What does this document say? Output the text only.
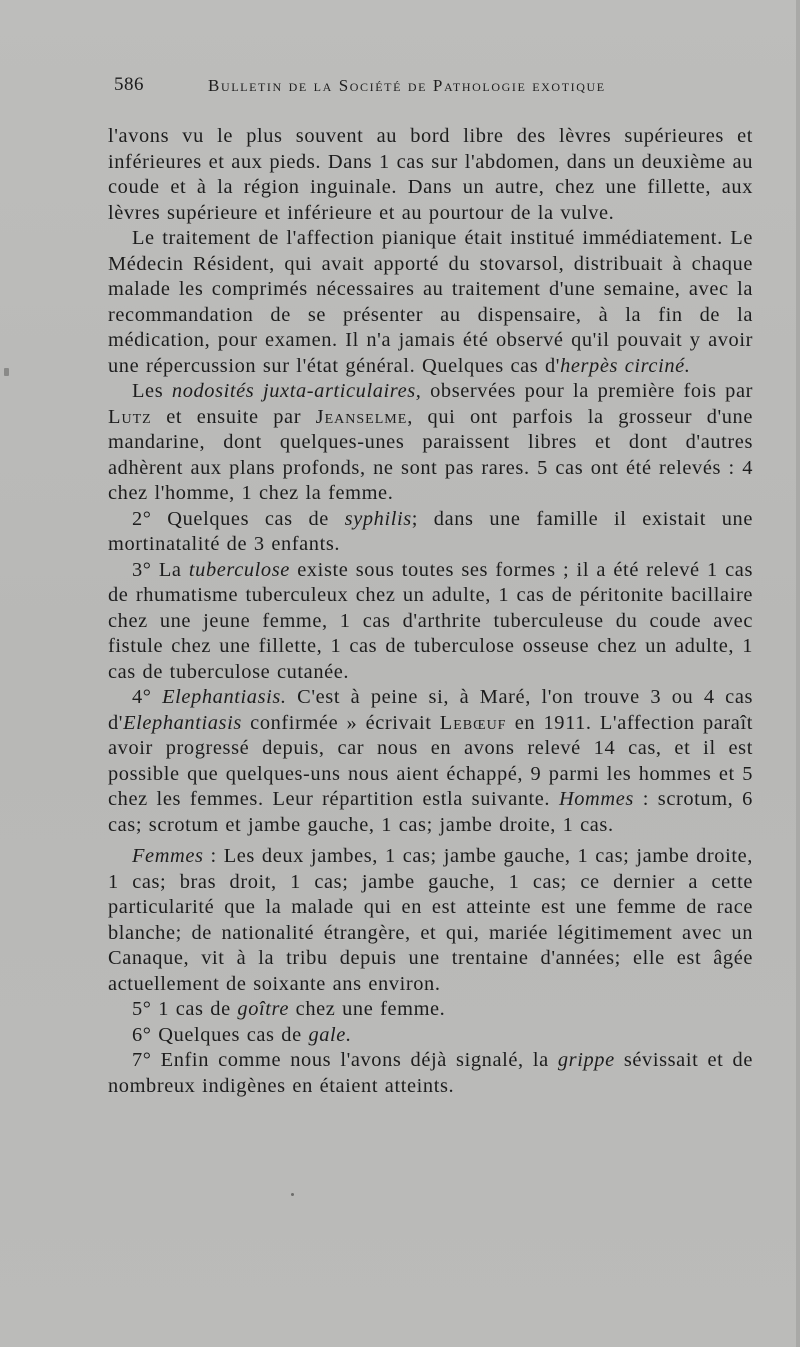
586	Bulletin de la Société de Pathologie exotique

l'avons vu le plus souvent au bord libre des lèvres supérieures et inférieures et aux pieds. Dans 1 cas sur l'abdomen, dans un deuxième au coude et à la région inguinale. Dans un autre, chez une fillette, aux lèvres supérieure et inférieure et au pourtour de la vulve.

Le traitement de l'affection pianique était institué immédiatement. Le Médecin Résident, qui avait apporté du stovarsol, distribuait à chaque malade les comprimés nécessaires au traitement d'une semaine, avec la recommandation de se présenter au dispensaire, à la fin de la médication, pour examen. Il n'a jamais été observé qu'il pouvait y avoir une répercussion sur l'état général. Quelques cas d'herpès circiné.

Les nodosités juxta-articulaires, observées pour la première fois par Lutz et ensuite par Jeanselme, qui ont parfois la grosseur d'une mandarine, dont quelques-unes paraissent libres et dont d'autres adhèrent aux plans profonds, ne sont pas rares. 5 cas ont été relevés : 4 chez l'homme, 1 chez la femme.

2° Quelques cas de syphilis; dans une famille il existait une mortinatalité de 3 enfants.

3° La tuberculose existe sous toutes ses formes ; il a été relevé 1 cas de rhumatisme tuberculeux chez un adulte, 1 cas de péritonite bacillaire chez une jeune femme, 1 cas d'arthrite tuberculeuse du coude avec fistule chez une fillette, 1 cas de tuberculose osseuse chez un adulte, 1 cas de tuberculose cutanée.

4° Elephantiasis. C'est à peine si, à Maré, l'on trouve 3 ou 4 cas d'Elephantiasis confirmée » écrivait Lebœuf en 1911. L'affection paraît avoir progressé depuis, car nous en avons relevé 14 cas, et il est possible que quelques-uns nous aient échappé, 9 parmi les hommes et 5 chez les femmes. Leur répartition estla suivante. Hommes : scrotum, 6 cas; scrotum et jambe gauche, 1 cas; jambe droite, 1 cas.

Femmes : Les deux jambes, 1 cas; jambe gauche, 1 cas; jambe droite, 1 cas; bras droit, 1 cas; jambe gauche, 1 cas; ce dernier a cette particularité que la malade qui en est atteinte est une femme de race blanche; de nationalité étrangère, et qui, mariée légitimement avec un Canaque, vit à la tribu depuis une trentaine d'années; elle est âgée actuellement de soixante ans environ.

5° 1 cas de goître chez une femme.

6° Quelques cas de gale.

7° Enfin comme nous l'avons déjà signalé, la grippe sévissait et de nombreux indigènes en étaient atteints.
